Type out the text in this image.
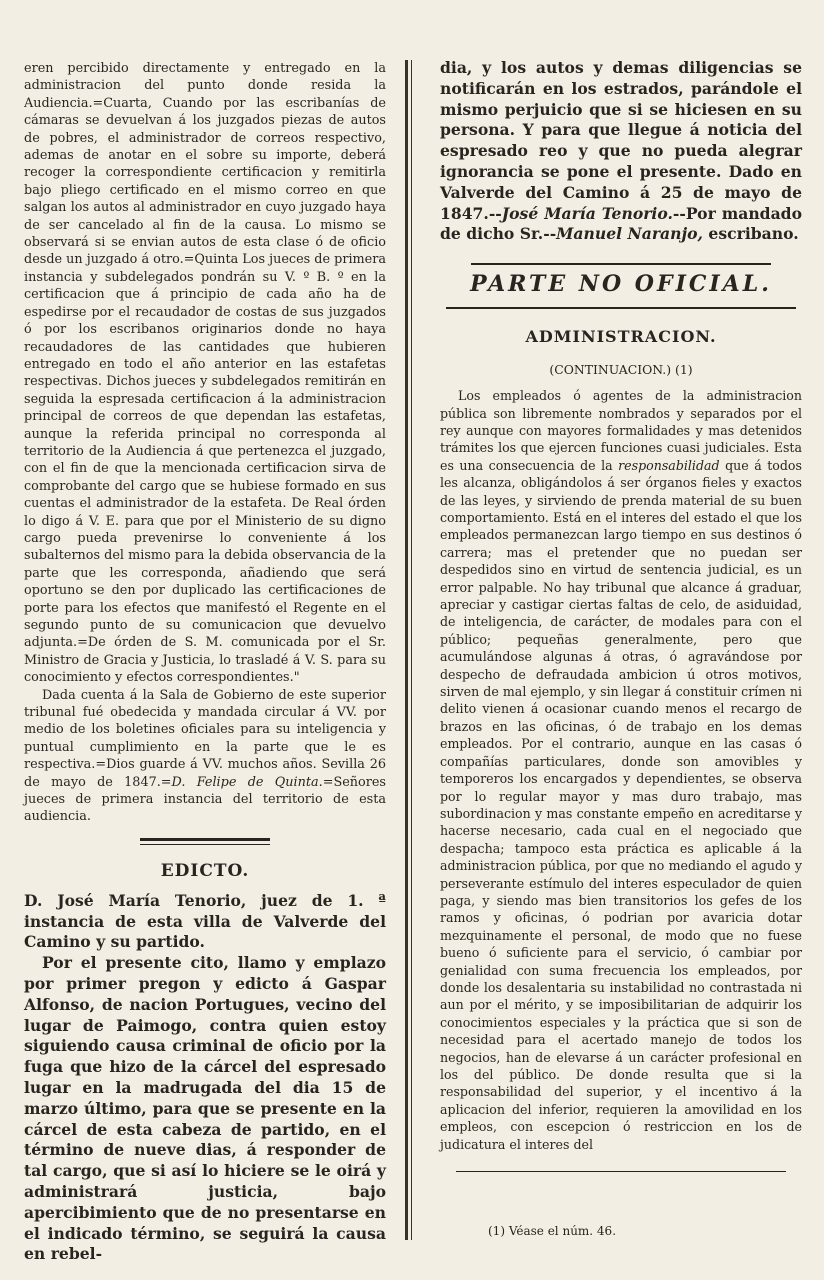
eren percibido directamente y entregado en la administracion del punto donde resida la Audiencia.=Cuarta, Cuando por las escribanías de cámaras se devuelvan á los juzgados piezas de autos de pobres, el administrador de correos respectivo, ademas de anotar en el sobre su importe, deberá recoger la correspondiente certificacion y remitirla bajo pliego certificado en el mismo correo en que salgan los autos al administrador en cuyo juzgado haya de ser cancelado al fin de la causa. Lo mismo se observará si se envian autos de esta clase ó de oficio desde un juzgado á otro.=Quinta Los jueces de primera instancia y subdelegados pondrán su V. º B. º en la certificacion que á principio de cada año ha de espedirse por el recaudador de costas de sus juzgados ó por los escribanos originarios donde no haya recaudadores de las cantidades que hubieren entregado en todo el año anterior en las estafetas respectivas. Dichos jueces y subdelegados remitirán en seguida la espresada certificacion á la administracion principal de correos de que dependan las estafetas, aunque la referida principal no corresponda al territorio de la Audiencia á que pertenezca el juzgado, con el fin de que la mencionada certificacion sirva de comprobante del cargo que se hubiese formado en sus cuentas el administrador de la estafeta. De Real órden lo digo á V. E. para que por el Ministerio de su digno cargo pueda prevenirse lo conveniente á los subalternos del mismo para la debida observancia de la parte que les corresponda, añadiendo que será oportuno se den por duplicado las certificaciones de porte para los efectos que manifestó el Regente en el segundo punto de su comunicacion que devuelvo adjunta.=De órden de S. M. comunicada por el Sr. Ministro de Gracia y Justicia, lo trasladé á V. S. para su conocimiento y efectos correspondientes."

Dada cuenta á la Sala de Gobierno de este superior tribunal fué obedecida y mandada circular á VV. por medio de los boletines oficiales para su inteligencia y puntual cumplimiento en la parte que le es respectiva.=Dios guarde á VV. muchos años. Sevilla 26 de mayo de 1847.=D. Felipe de Quinta.=Señores jueces de primera instancia del territorio de esta audiencia.

EDICTO.

D. José María Tenorio, juez de 1. ª instancia de esta villa de Valverde del Camino y su partido.

Por el presente cito, llamo y emplazo por primer pregon y edicto á Gaspar Alfonso, de nacion Portugues, vecino del lugar de Paimogo, contra quien estoy siguiendo causa criminal de oficio por la fuga que hizo de la cárcel del espresado lugar en la madrugada del dia 15 de marzo último, para que se presente en la cárcel de esta cabeza de partido, en el término de nueve dias, á responder de tal cargo, que si así lo hiciere se le oirá y administrará justicia, bajo apercibimiento que de no presentarse en el indicado término, se seguirá la causa en rebel-

dia, y los autos y demas diligencias se notificarán en los estrados, parándole el mismo perjuicio que si se hiciesen en su persona. Y para que llegue á noticia del espresado reo y que no pueda alegrar ignorancia se pone el presente. Dado en Valverde del Camino á 25 de mayo de 1847.--José María Tenorio.--Por mandado de dicho Sr.--Manuel Naranjo, escribano.

PARTE NO OFICIAL.
ADMINISTRACION.
(CONTINUACION.) (1)

Los empleados ó agentes de la administracion pública son libremente nombrados y separados por el rey aunque con mayores formalidades y mas detenidos trámites los que ejercen funciones cuasi judiciales. Esta es una consecuencia de la responsabilidad que á todos les alcanza, obligándolos á ser órganos fieles y exactos de las leyes, y sirviendo de prenda material de su buen comportamiento. Está en el interes del estado el que los empleados permanezcan largo tiempo en sus destinos ó carrera; mas el pretender que no puedan ser despedidos sino en virtud de sentencia judicial, es un error palpable. No hay tribunal que alcance á graduar, apreciar y castigar ciertas faltas de celo, de asiduidad, de inteligencia, de carácter, de modales para con el público; pequeñas generalmente, pero que acumulándose algunas á otras, ó agravándose por despecho de defraudada ambicion ú otros motivos, sirven de mal ejemplo, y sin llegar á constituir crímen ni delito vienen á ocasionar cuando menos el recargo de brazos en las oficinas, ó de trabajo en los demas empleados. Por el contrario, aunque en las casas ó compañías particulares, donde son amovibles y temporeros los encargados y dependientes, se observa por lo regular mayor y mas duro trabajo, mas subordinacion y mas constante empeño en acreditarse y hacerse necesario, cada cual en el negociado que despacha; tampoco esta práctica es aplicable á la administracion pública, por que no mediando el agudo y perseverante estímulo del interes especulador de quien paga, y siendo mas bien transitorios los gefes de los ramos y oficinas, ó podrian por avaricia dotar mezquinamente el personal, de modo que no fuese bueno ó suficiente para el servicio, ó cambiar por genialidad con suma frecuencia los empleados, por donde los desalentaria su instabilidad no contrastada ni aun por el mérito, y se imposibilitarian de adquirir los conocimientos especiales y la práctica que si son de necesidad para el acertado manejo de todos los negocios, han de elevarse á un carácter profesional en los del público. De donde resulta que si la responsabilidad del superior, y el incentivo á la aplicacion del inferior, requieren la amovilidad en los empleos, con escepcion ó restriccion en los de judicatura el interes del

(1) Véase el núm. 46.
